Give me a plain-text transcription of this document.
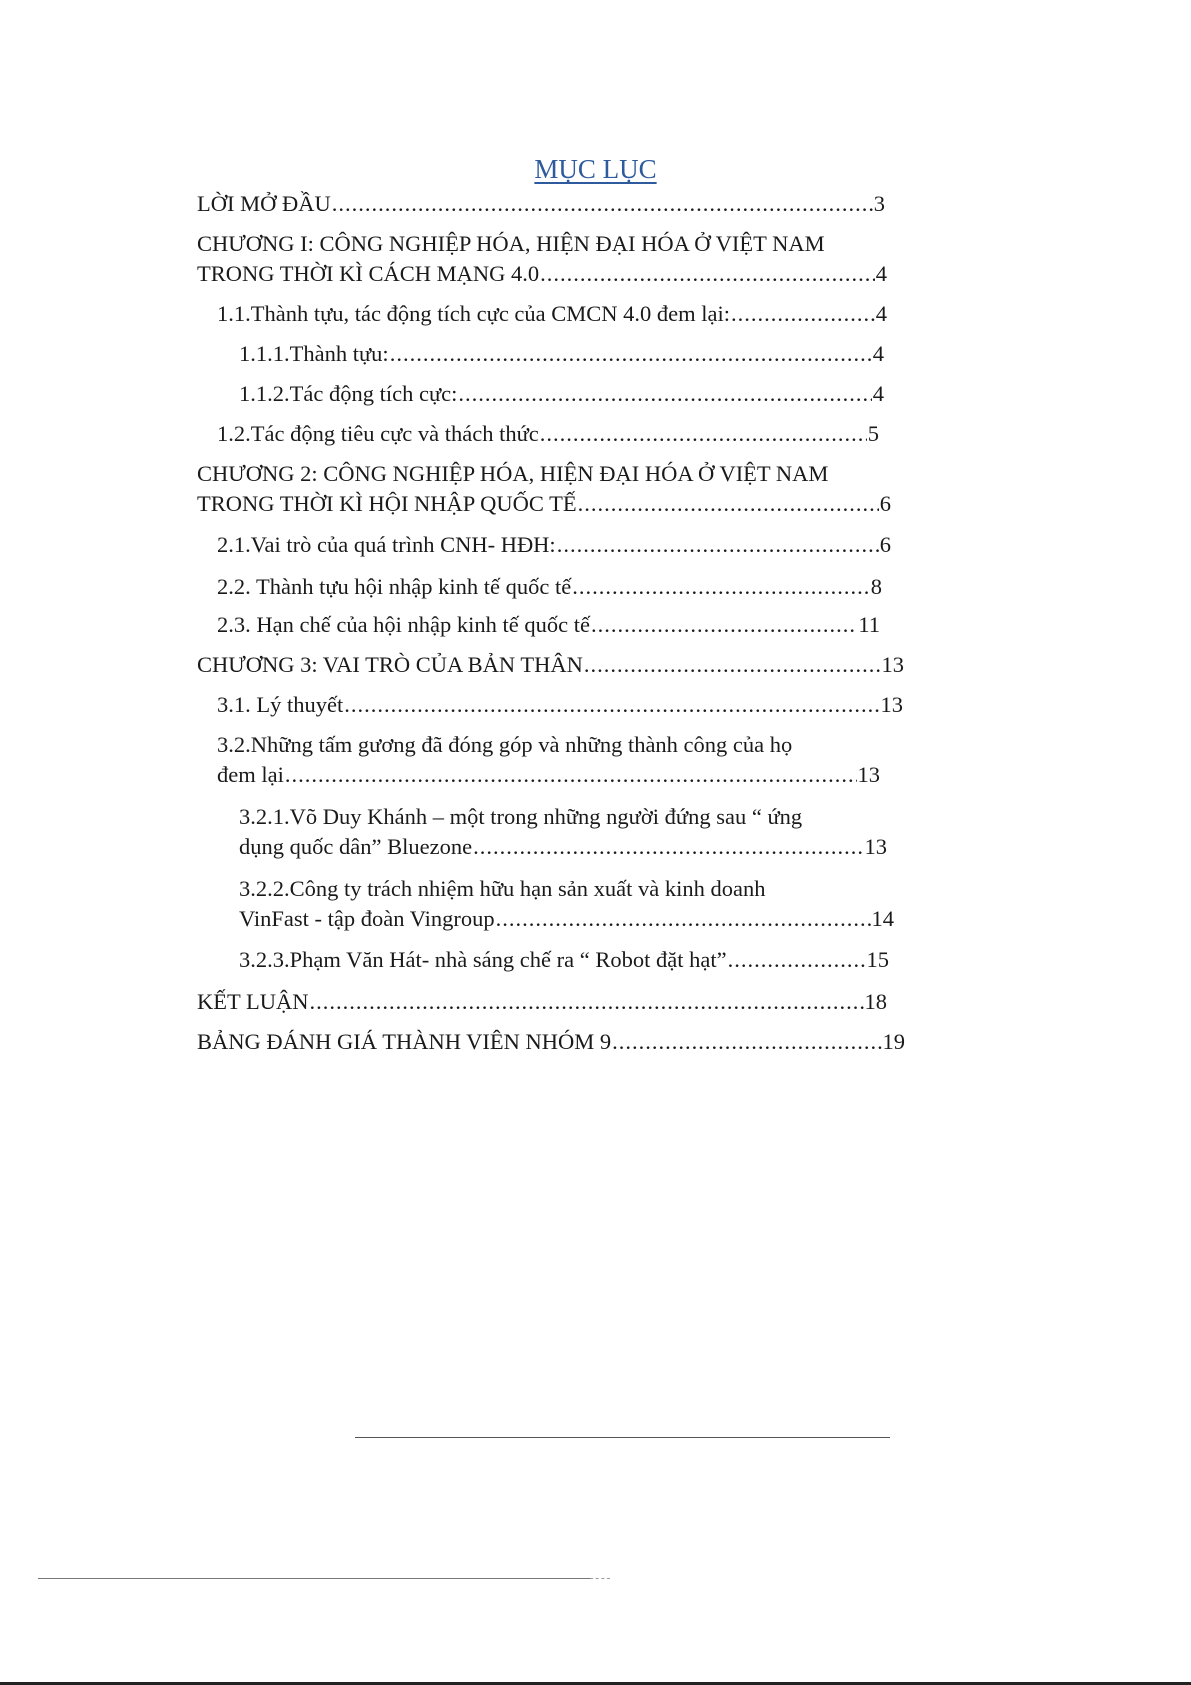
MỤC LỤC
LỜI MỞ ĐẦU .....	3
CHƯƠNG I: CÔNG NGHIỆP HÓA, HIỆN ĐẠI HÓA Ở VIỆT NAM
TRONG THỜI KÌ CÁCH MẠNG 4.0 .....	4
1.1.Thành tựu, tác động tích cực của CMCN 4.0 đem lại: .....	4
1.1.1.Thành tựu: .....	4
1.1.2.Tác động tích cực: .....	4
1.2.Tác động tiêu cực và thách thức .....	5
CHƯƠNG 2: CÔNG NGHIỆP HÓA, HIỆN ĐẠI HÓA Ở VIỆT NAM
TRONG THỜI KÌ HỘI NHẬP QUỐC TẾ .....	6
2.1.Vai trò của quá trình CNH- HĐH: .....	6
2.2. Thành tựu hội nhập kinh tế quốc tế .....	8
2.3. Hạn chế của hội nhập kinh tế quốc tế .....	11
CHƯƠNG 3: VAI TRÒ CỦA BẢN THÂN .....	13
3.1. Lý thuyết .....	13
3.2.Những tấm gương đã đóng góp và những thành công của họ
đem lại .....	13
3.2.1.Võ Duy Khánh – một trong những người đứng sau “ ứng
dụng quốc dân” Bluezone .....	13
3.2.2.Công ty trách nhiệm hữu hạn sản xuất và kinh doanh
VinFast - tập đoàn Vingroup .....	14
3.2.3.Phạm Văn Hát- nhà sáng chế ra “ Robot đặt hạt” .....	15
KẾT LUẬN .....	18
BẢNG ĐÁNH GIÁ THÀNH VIÊN NHÓM 9 .....	19
